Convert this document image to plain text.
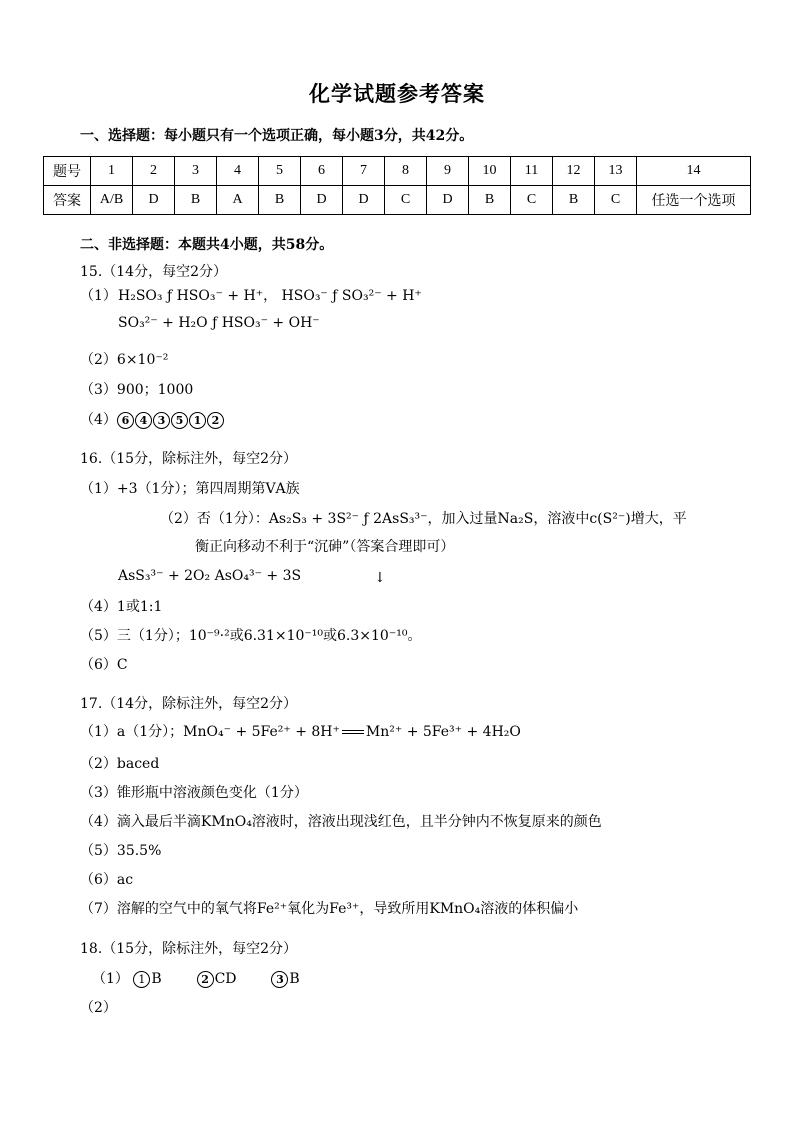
化学试题参考答案
一、选择题：每小题只有一个选项正确，每小题3分，共42分。
题号	1	2	3	4	5	6	7	8	9	10	11	12	13	14
答案	A/B	D	B	A	B	D	D	C	D	B	C	B	C	任选一个选项
二、非选择题：本题共4小题，共58分。
15.（14分，每空2分）
（1） H₂SO₃ ƒ HSO₃⁻ + H⁺， HSO₃⁻ ƒ SO₃²⁻ + H⁺
SO₃²⁻ + H₂O ƒ HSO₃⁻ + OH⁻
（2）6×10⁻²
（3）900；1000
（4） 6 4 3 5 1 2
16.（15分，除标注外，每空2分）
（1）+3（1分）；第四周期第ⅤA族
（2）否（1分）：As₂S₃ + 3S²⁻ ƒ 2AsS₃³⁻，加入过量Na₂S，溶液中c(S²⁻)增大，平
衡正向移动不利于“沉砷”（答案合理即可）
AsS₃³⁻ + 2O₂ AsO₄³⁻ + 3S	↓
（4）1或1:1
（5）三（1分）；10⁻⁹·²或6.31×10⁻¹⁰或6.3×10⁻¹⁰。
（6）C
17.（14分，除标注外，每空2分）
（1）a（1分）；MnO₄⁻ + 5Fe²⁺ + 8H⁺ Mn²⁺ + 5Fe³⁺ + 4H₂O
（2）baced
（3）锥形瓶中溶液颜色变化（1分）
（4）滴入最后半滴KMnO₄溶液时，溶液出现浅红色，且半分钟内不恢复原来的颜色
（5）35.5%
（6）ac
（7）溶解的空气中的氧气将Fe²⁺氧化为Fe³⁺，导致所用KMnO₄溶液的体积偏小
18.（15分，除标注外，每空2分）
（1） 1 B	2 CD	3 B
（2）
